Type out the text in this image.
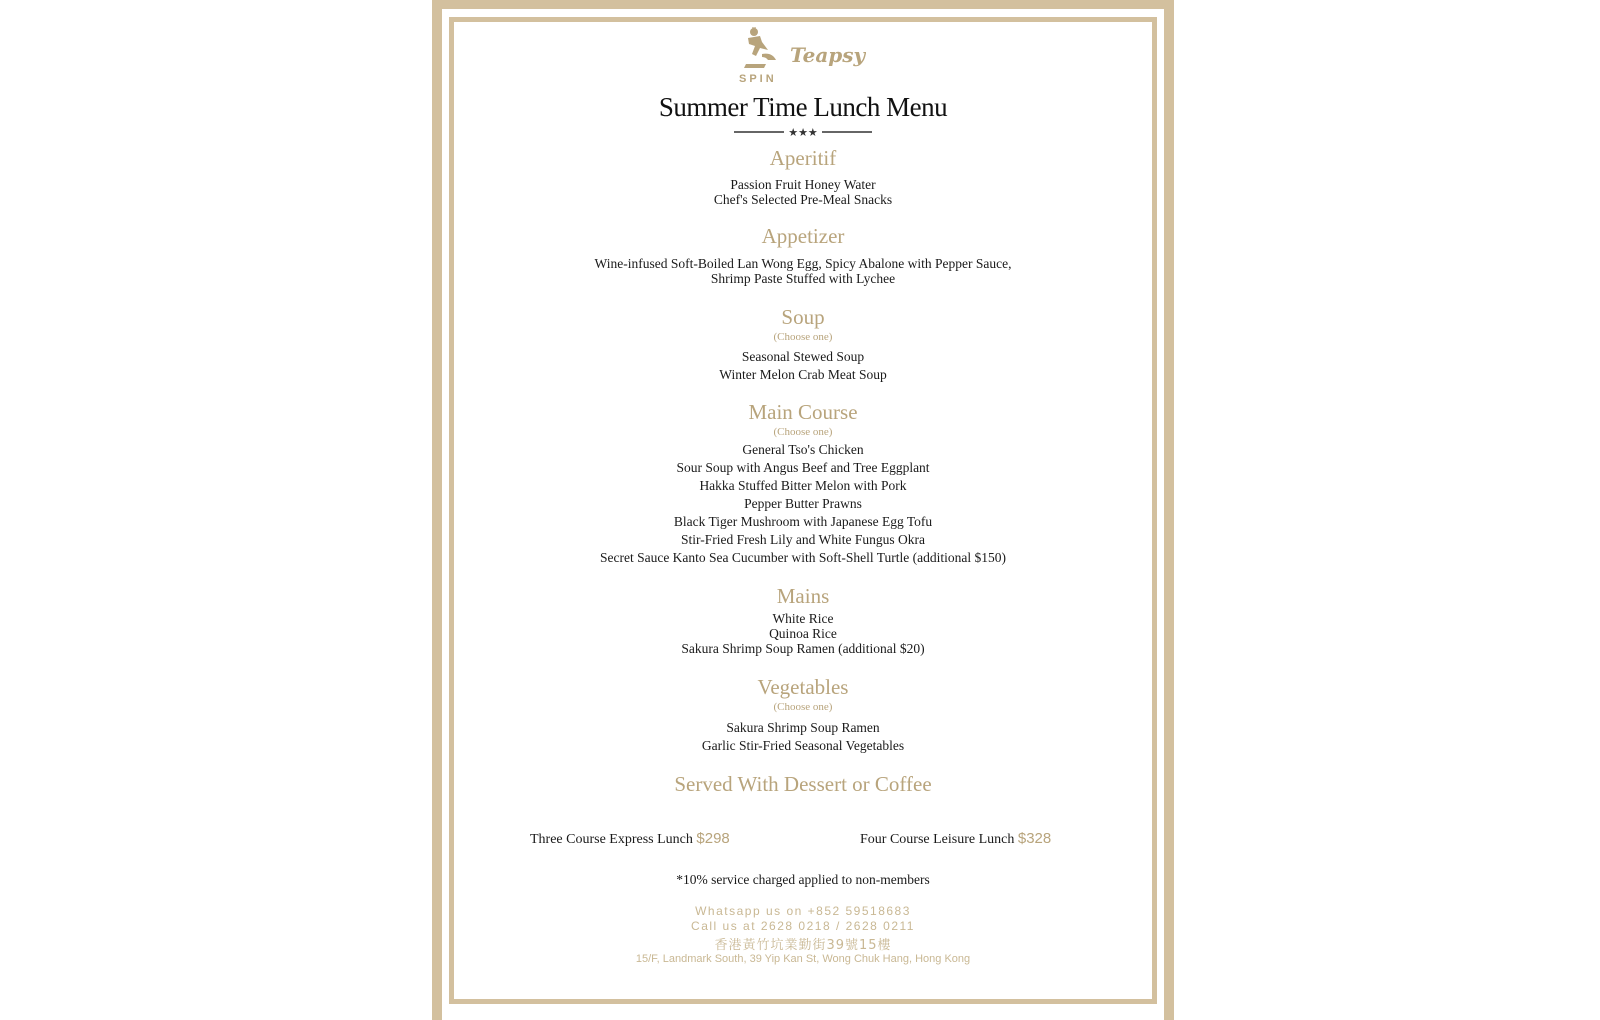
SPIN
Teapsy
Summer Time Lunch Menu
★★★
Aperitif
Passion Fruit Honey Water
Chef's Selected Pre-Meal Snacks
Appetizer
Wine-infused Soft-Boiled Lan Wong Egg, Spicy Abalone with Pepper Sauce,
Shrimp Paste Stuffed with Lychee
Soup
(Choose one)
Seasonal Stewed Soup
Winter Melon Crab Meat Soup
Main Course
(Choose one)
General Tso's Chicken
Sour Soup with Angus Beef and Tree Eggplant
Hakka Stuffed Bitter Melon with Pork
Pepper Butter Prawns
Black Tiger Mushroom with Japanese Egg Tofu
Stir-Fried Fresh Lily and White Fungus Okra
Secret Sauce Kanto Sea Cucumber with Soft-Shell Turtle (additional $150)
Mains
White Rice
Quinoa Rice
Sakura Shrimp Soup Ramen (additional $20)
Vegetables
(Choose one)
Sakura Shrimp Soup Ramen
Garlic Stir-Fried Seasonal Vegetables
Served With Dessert or Coffee
Three Course Express Lunch $298	Four Course Leisure Lunch $328
*10% service charged applied to non-members
Whatsapp us on +852 59518683
Call us at 2628 0218 / 2628 0211
香港黃竹坑業勤街39號15樓
15/F, Landmark South, 39 Yip Kan St, Wong Chuk Hang, Hong Kong
